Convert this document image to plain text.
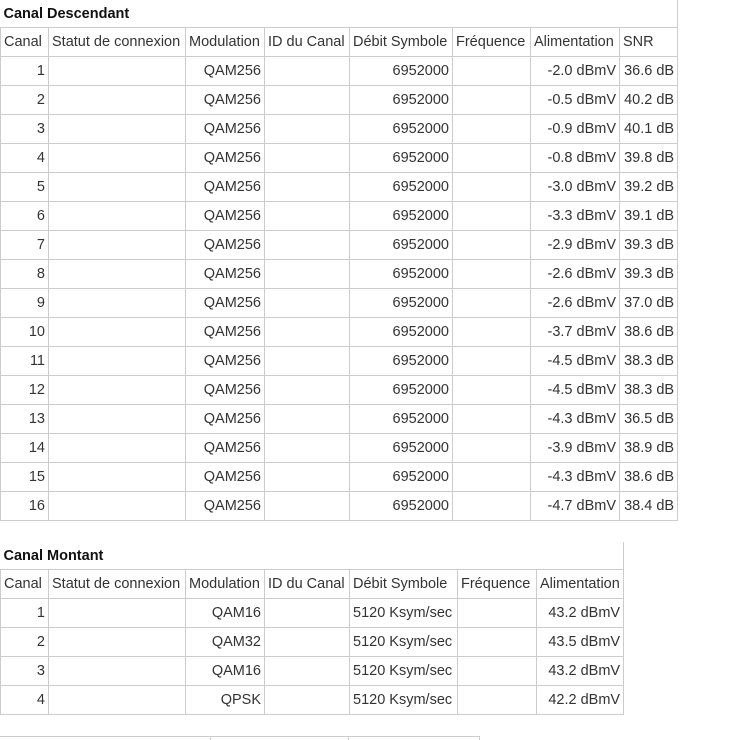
Canal Descendant							
Canal	Statut de connexion	Modulation	ID du Canal	Débit Symbole	Fréquence	Alimentation	SNR
1		QAM256		6952000		-2.0 dBmV	36.6 dB
2		QAM256		6952000		-0.5 dBmV	40.2 dB
3		QAM256		6952000		-0.9 dBmV	40.1 dB
4		QAM256		6952000		-0.8 dBmV	39.8 dB
5		QAM256		6952000		-3.0 dBmV	39.2 dB
6		QAM256		6952000		-3.3 dBmV	39.1 dB
7		QAM256		6952000		-2.9 dBmV	39.3 dB
8		QAM256		6952000		-2.6 dBmV	39.3 dB
9		QAM256		6952000		-2.6 dBmV	37.0 dB
10		QAM256		6952000		-3.7 dBmV	38.6 dB
11		QAM256		6952000		-4.5 dBmV	38.3 dB
12		QAM256		6952000		-4.5 dBmV	38.3 dB
13		QAM256		6952000		-4.3 dBmV	36.5 dB
14		QAM256		6952000		-3.9 dBmV	38.9 dB
15		QAM256		6952000		-4.3 dBmV	38.6 dB
16		QAM256		6952000		-4.7 dBmV	38.4 dB
Canal Montant						
Canal	Statut de connexion	Modulation	ID du Canal	Débit Symbole	Fréquence	Alimentation
1		QAM16		5120 Ksym/sec		43.2 dBmV
2		QAM32		5120 Ksym/sec		43.5 dBmV
3		QAM16		5120 Ksym/sec		43.2 dBmV
4		QPSK		5120 Ksym/sec		42.2 dBmV
